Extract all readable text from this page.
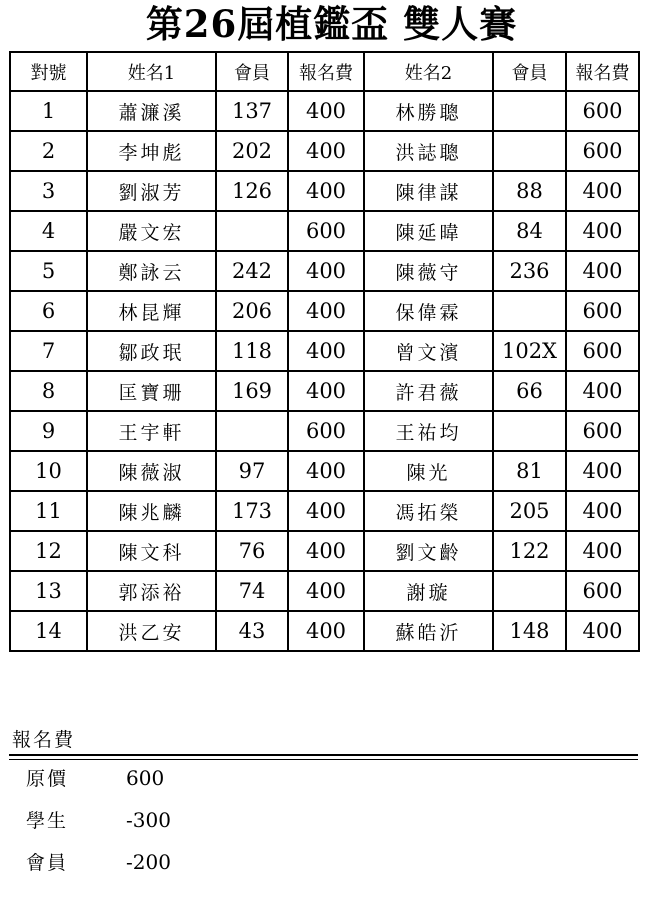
第26屆植鑑盃 雙人賽
對號	姓名1	會員	報名費	姓名2	會員	報名費
1	蕭濂溪	137	400	林勝聰		600
2	李坤彪	202	400	洪誌聰		600
3	劉淑芳	126	400	陳律謀	88	400
4	嚴文宏		600	陳延暐	84	400
5	鄭詠云	242	400	陳薇守	236	400
6	林昆輝	206	400	保偉霖		600
7	鄒政珉	118	400	曾文濱	102X	600
8	匡寶珊	169	400	許君薇	66	400
9	王宇軒		600	王祐均		600
10	陳薇淑	97	400	陳光	81	400
11	陳兆麟	173	400	馮拓榮	205	400
12	陳文科	76	400	劉文齡	122	400
13	郭添裕	74	400	謝璇		600
14	洪乙安	43	400	蘇皓沂	148	400
報名費
原價	600
學生	-300
會員	-200
